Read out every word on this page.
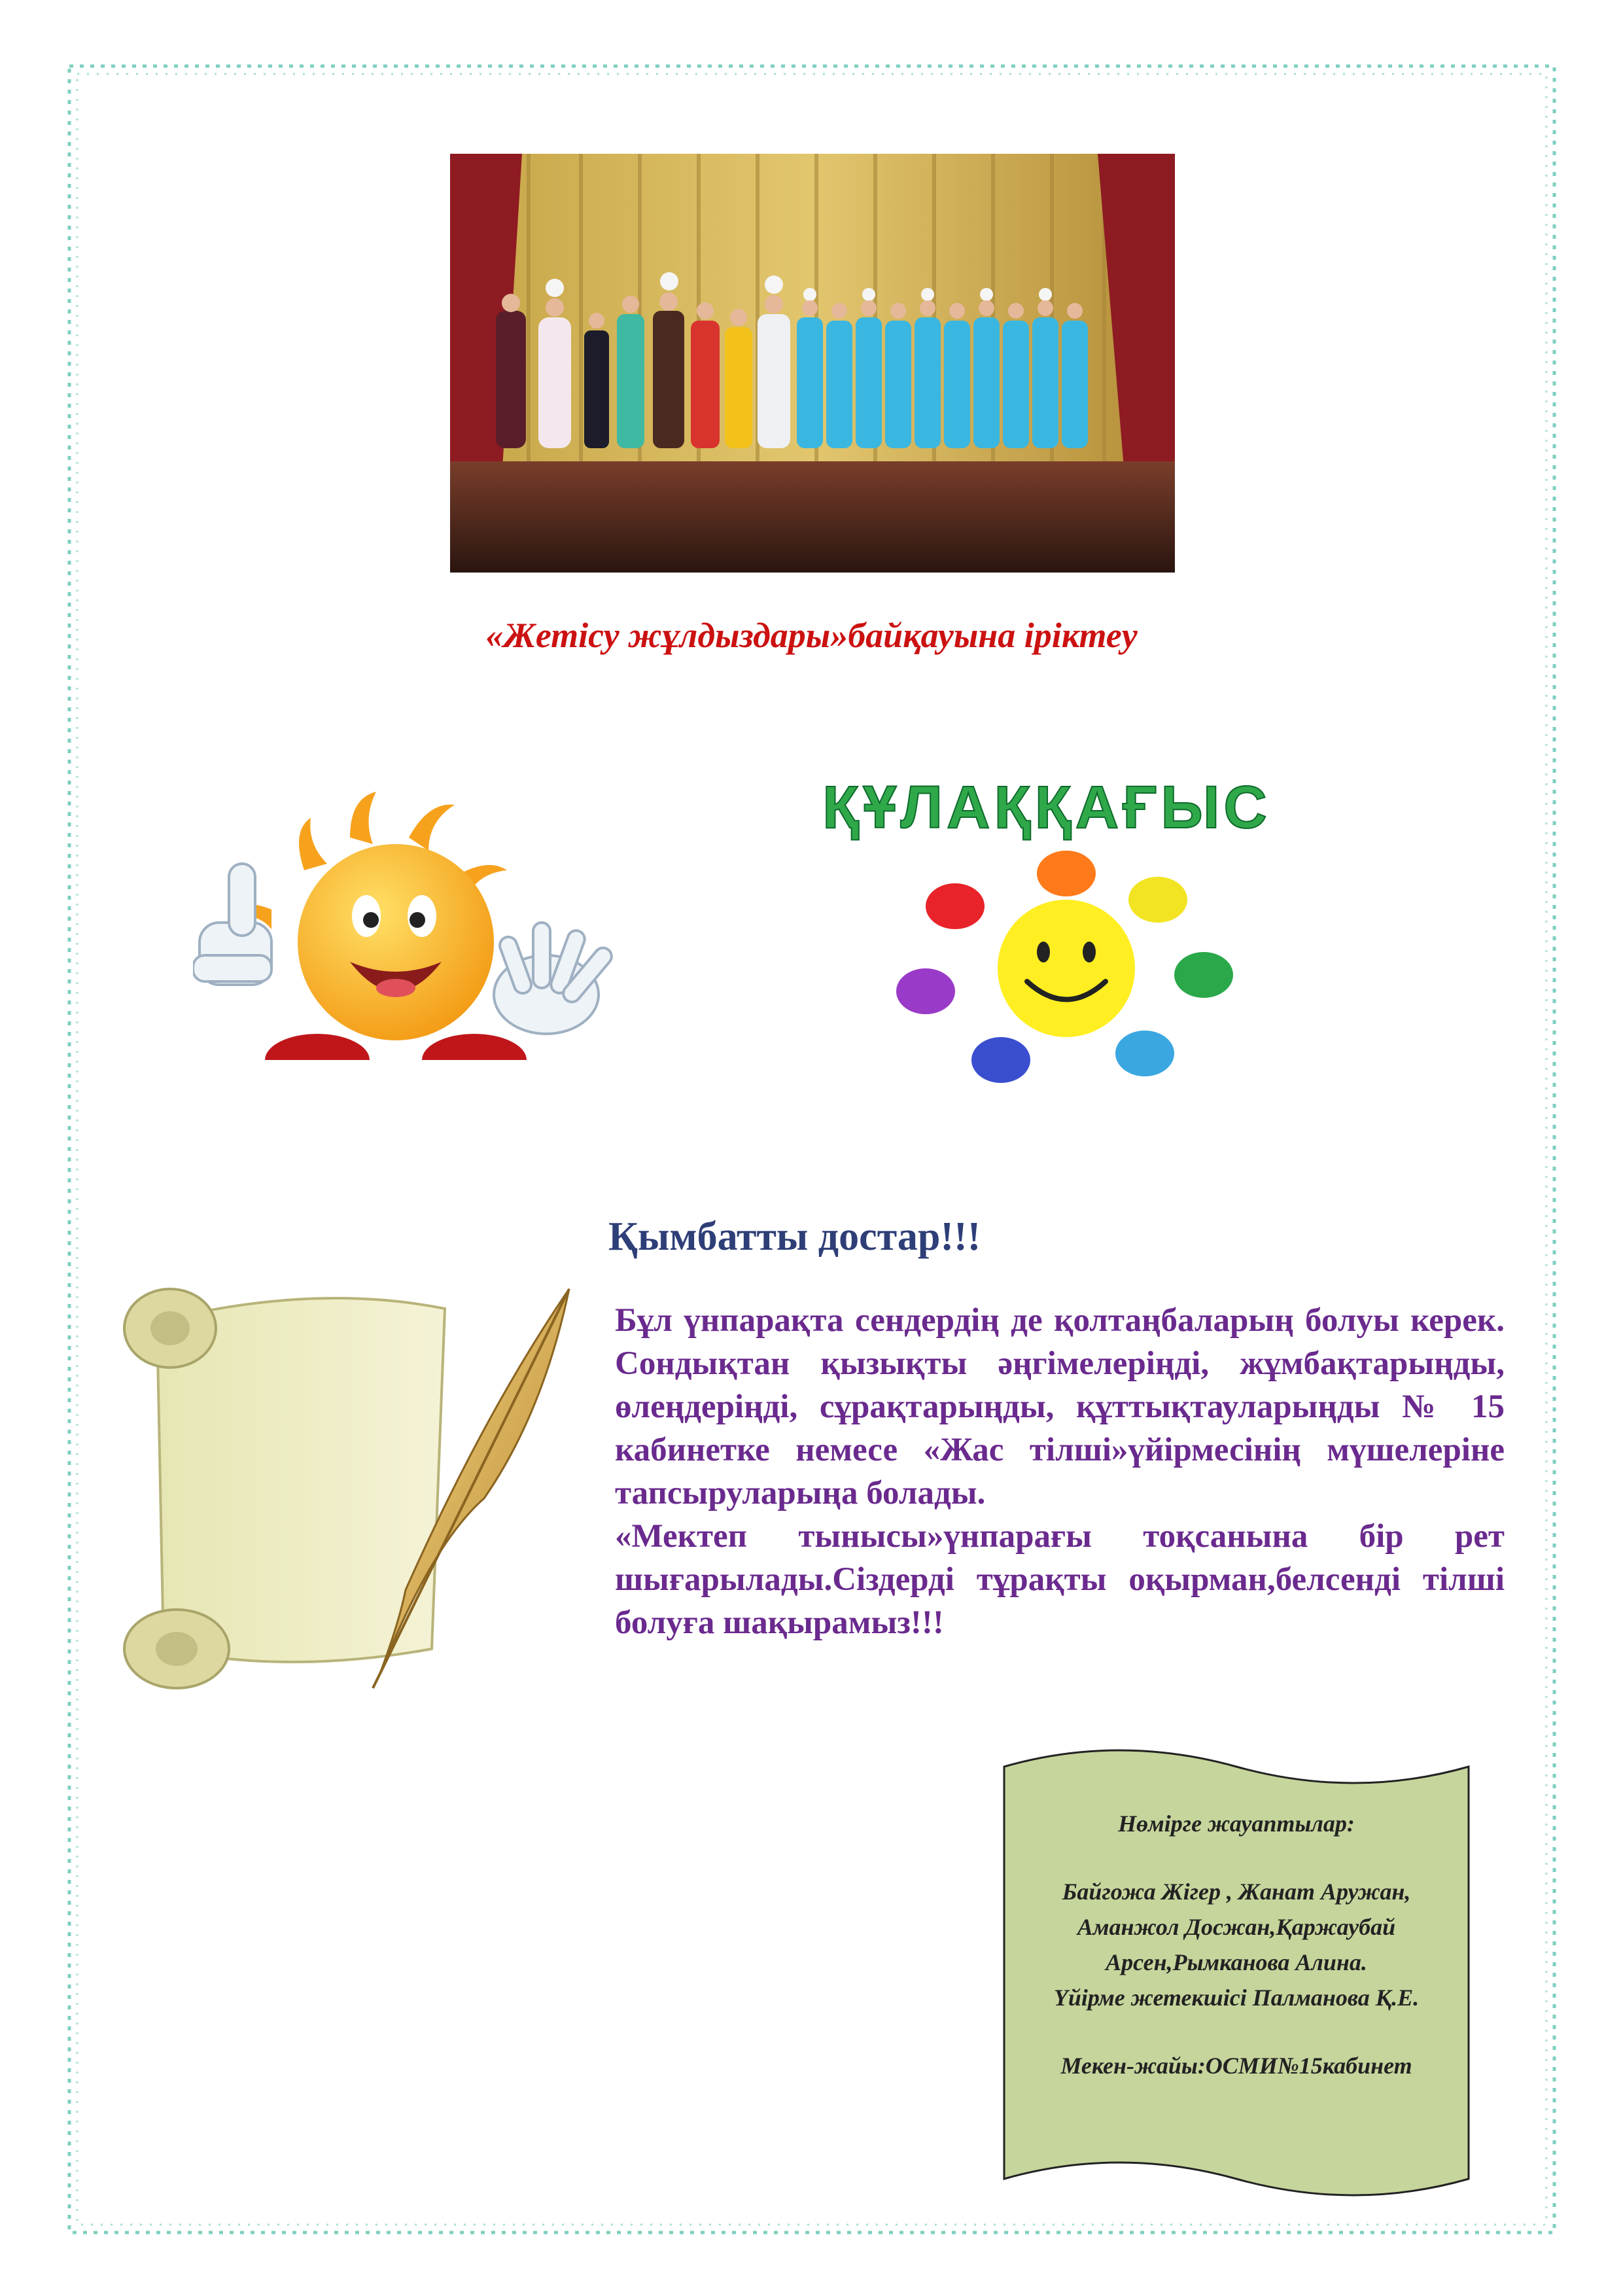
«Жетісу жұлдыздары»байқауына іріктеу

ҚҰЛАҚҚАҒЫС
Қымбатты достар!!!

Бұл үнпарақта сендердің де қолтаңбаларың болуы керек. Сондықтан қызықты әңгімелеріңді, жұмбақтарыңды, өлеңдеріңді, сұрақтарыңды, құттықтауларыңды № 15 кабинетке немесе «Жас тілші»үйірмесінің мүшелеріне тапсыруларыңа болады.

«Мектеп тынысы»үнпарағы тоқсанына бір рет шығарылады.Сіздерді тұрақты оқырман,белсенді тілші болуға шақырамыз!!!

Нөмірге жауаптылар:
Байгожа Жігер , Жанат Аружан, Аманжол Досжан,Қаржаубай Арсен,Рымканова Алина.
Үйірме жетекшісі Палманова Қ.Е.
Мекен-жайы:ОСМИ№15кабинет
